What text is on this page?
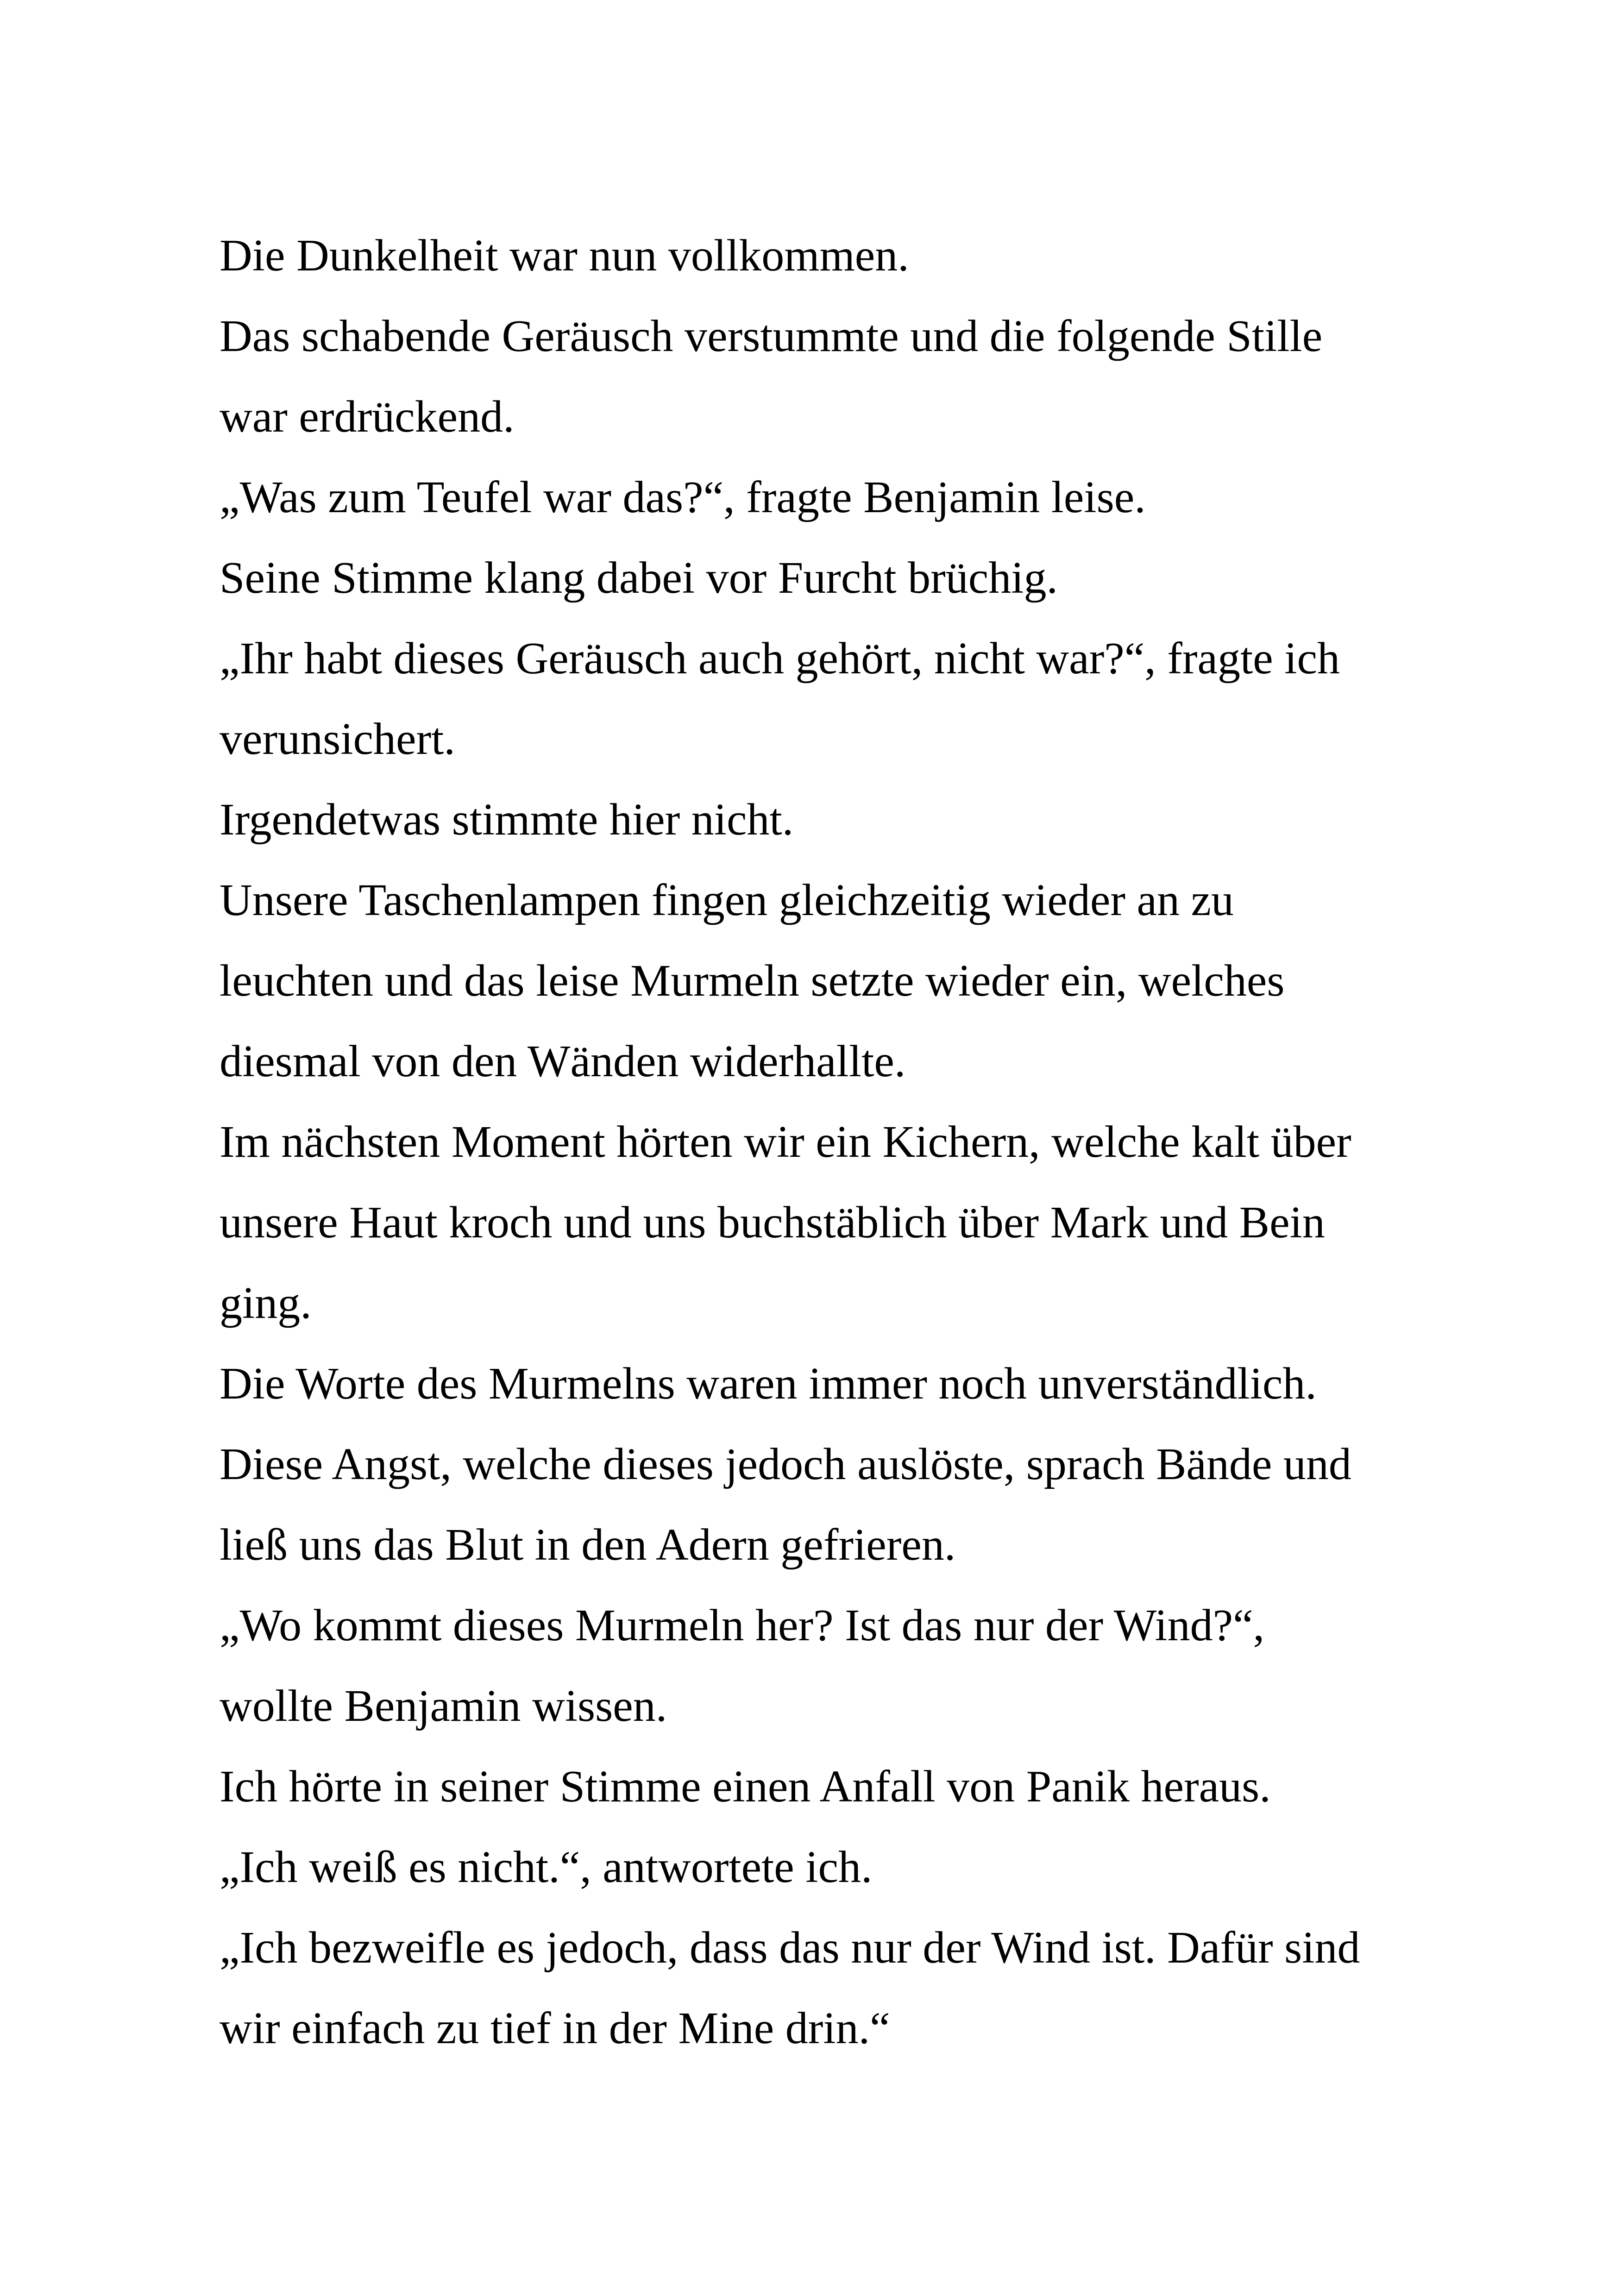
Die Dunkelheit war nun vollkommen.
Das schabende Geräusch verstummte und die folgende Stille
war erdrückend.
„Was zum Teufel war das?“, fragte Benjamin leise.
Seine Stimme klang dabei vor Furcht brüchig.
„Ihr habt dieses Geräusch auch gehört, nicht war?“, fragte ich
verunsichert.
Irgendetwas stimmte hier nicht.
Unsere Taschenlampen fingen gleichzeitig wieder an zu
leuchten und das leise Murmeln setzte wieder ein, welches
diesmal von den Wänden widerhallte.
Im nächsten Moment hörten wir ein Kichern, welche kalt über
unsere Haut kroch und uns buchstäblich über Mark und Bein
ging.
Die Worte des Murmelns waren immer noch unverständlich.
Diese Angst, welche dieses jedoch auslöste, sprach Bände und
ließ uns das Blut in den Adern gefrieren.
„Wo kommt dieses Murmeln her? Ist das nur der Wind?“,
wollte Benjamin wissen.
Ich hörte in seiner Stimme einen Anfall von Panik heraus.
„Ich weiß es nicht.“, antwortete ich.
„Ich bezweifle es jedoch, dass das nur der Wind ist. Dafür sind
wir einfach zu tief in der Mine drin.“
